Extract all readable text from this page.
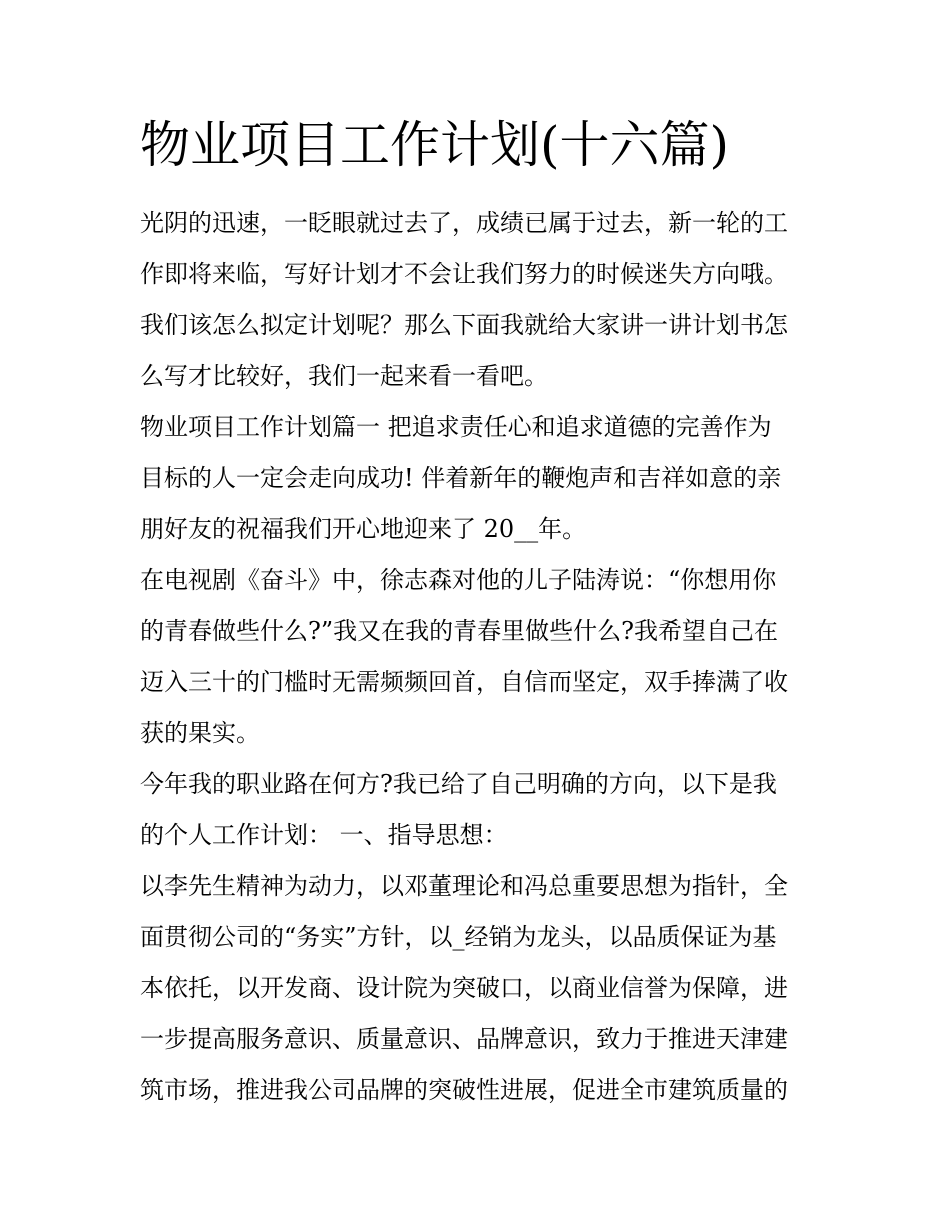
物业项目工作计划(十六篇)
光阴的迅速，一眨眼就过去了，成绩已属于过去，新一轮的工
作即将来临，写好计划才不会让我们努力的时候迷失方向哦。
我们该怎么拟定计划呢？那么下面我就给大家讲一讲计划书怎
么写才比较好，我们一起来看一看吧。
物业项目工作计划篇一 把追求责任心和追求道德的完善作为
目标的人一定会走向成功! 伴着新年的鞭炮声和吉祥如意的亲
朋好友的祝福我们开心地迎来了 20__年。
在电视剧《奋斗》中，徐志森对他的儿子陆涛说：“你想用你
的青春做些什么?”我又在我的青春里做些什么?我希望自己在
迈入三十的门槛时无需频频回首，自信而坚定，双手捧满了收
获的果实。
今年我的职业路在何方?我已给了自己明确的方向，以下是我
的个人工作计划： 一、指导思想：
以李先生精神为动力，以邓董理论和冯总重要思想为指针，全
面贯彻公司的“务实”方针，以_经销为龙头，以品质保证为基
本依托，以开发商、设计院为突破口，以商业信誉为保障，进
一步提高服务意识、质量意识、品牌意识，致力于推进天津建
筑市场，推进我公司品牌的突破性进展，促进全市建筑质量的
